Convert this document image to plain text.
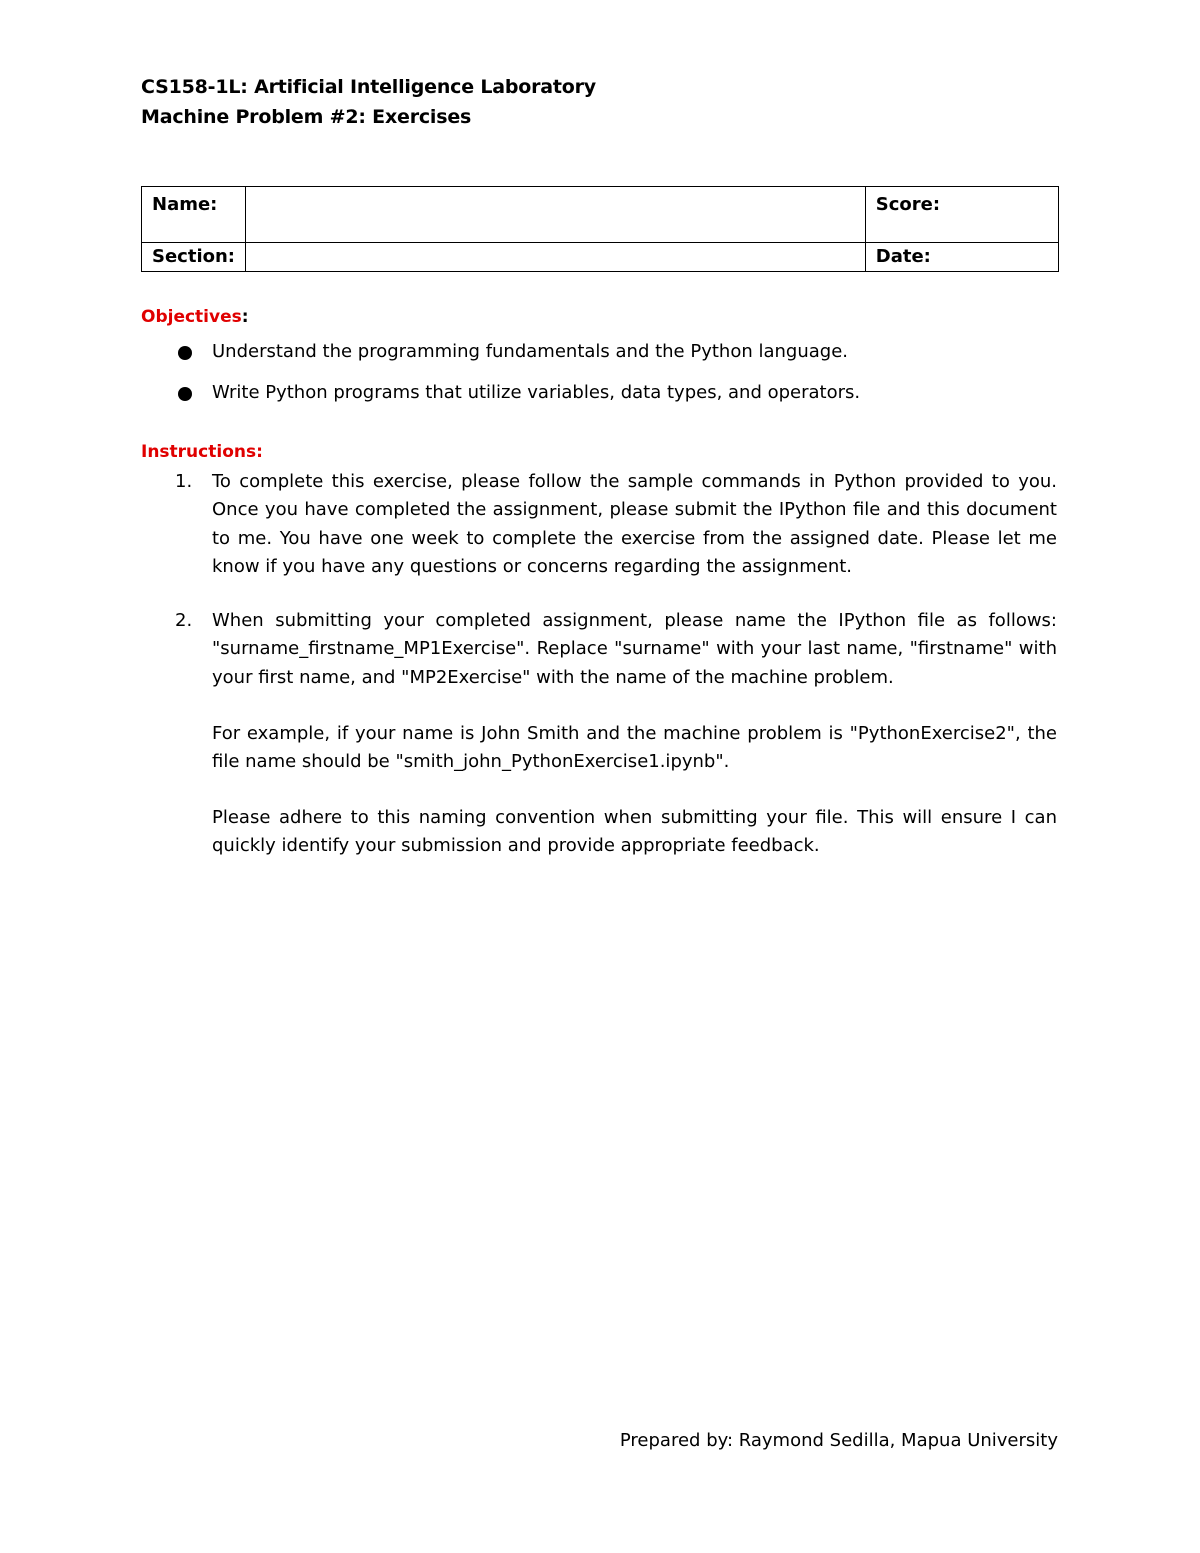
CS158-1L: Artificial Intelligence Laboratory
Machine Problem #2: Exercises
Name:		Score:
Section:		Date:
Objectives:
Understand the programming fundamentals and the Python language.
Write Python programs that utilize variables, data types, and operators.
Instructions:
1. To complete this exercise, please follow the sample commands in Python provided to you. Once you have completed the assignment, please submit the IPython file and this document to me. You have one week to complete the exercise from the assigned date. Please let me know if you have any questions or concerns regarding the assignment.
2. When submitting your completed assignment, please name the IPython file as follows: "surname_firstname_MP1Exercise". Replace "surname" with your last name, "firstname" with your first name, and "MP2Exercise" with the name of the machine problem.
For example, if your name is John Smith and the machine problem is "PythonExercise2", the file name should be "smith_john_PythonExercise1.ipynb".
Please adhere to this naming convention when submitting your file. This will ensure I can quickly identify your submission and provide appropriate feedback.
Prepared by: Raymond Sedilla, Mapua University
